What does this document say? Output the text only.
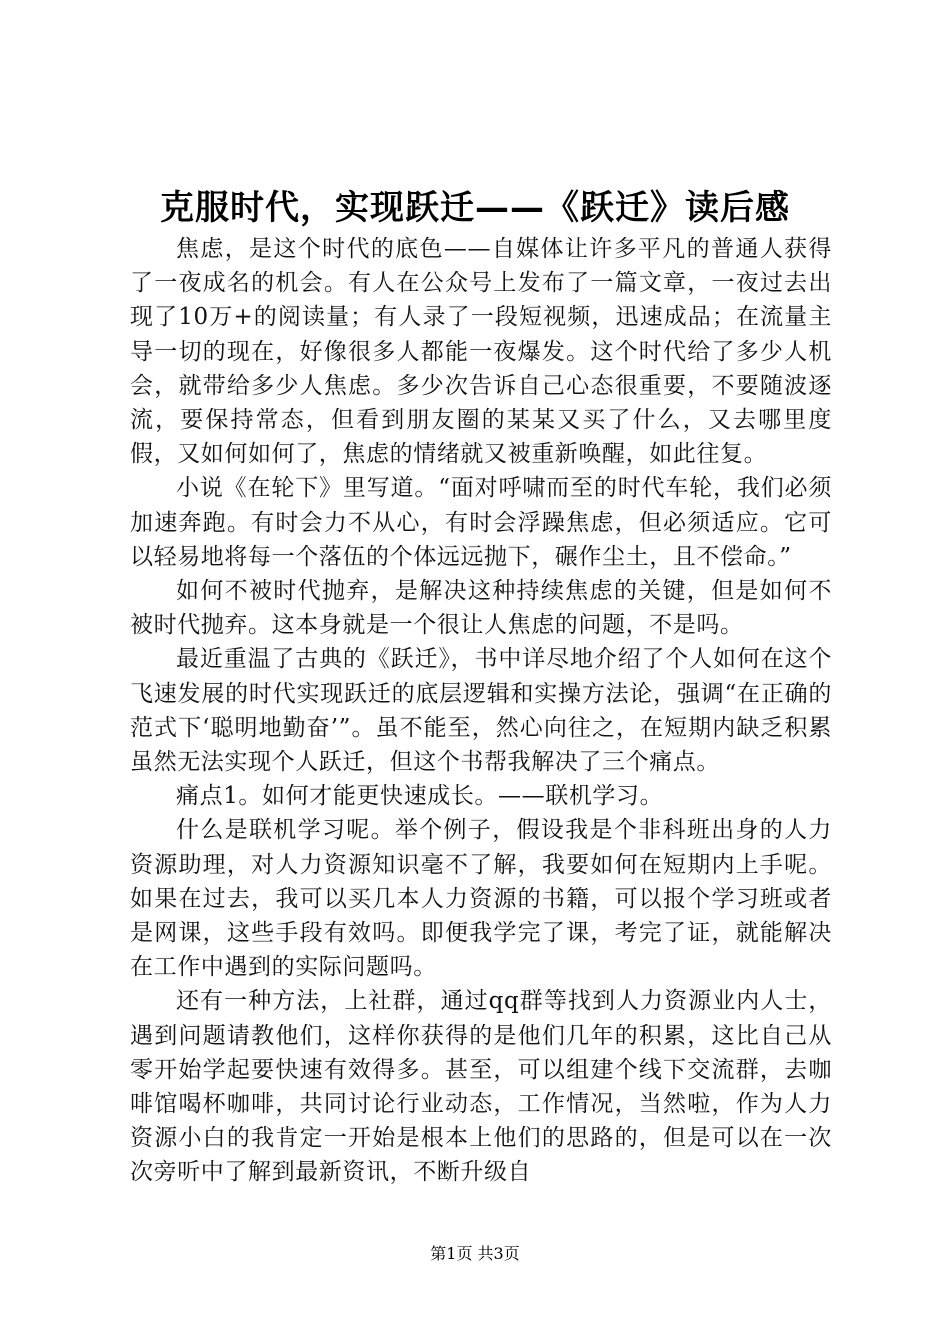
克服时代，实现跃迁——《跃迁》读后感

焦虑，是这个时代的底色——自媒体让许多平凡的普通人获得了一夜成名的机会。有人在公众号上发布了一篇文章，一夜过去出现了10万+的阅读量；有人录了一段短视频，迅速成品；在流量主导一切的现在，好像很多人都能一夜爆发。这个时代给了多少人机会，就带给多少人焦虑。多少次告诉自己心态很重要，不要随波逐流，要保持常态，但看到朋友圈的某某又买了什么，又去哪里度假，又如何如何了，焦虑的情绪就又被重新唤醒，如此往复。

小说《在轮下》里写道。“面对呼啸而至的时代车轮，我们必须加速奔跑。有时会力不从心，有时会浮躁焦虑，但必须适应。它可以轻易地将每一个落伍的个体远远抛下，碾作尘土，且不偿命。”

如何不被时代抛弃，是解决这种持续焦虑的关键，但是如何不被时代抛弃。这本身就是一个很让人焦虑的问题，不是吗。

最近重温了古典的《跃迁》，书中详尽地介绍了个人如何在这个飞速发展的时代实现跃迁的底层逻辑和实操方法论，强调“在正确的范式下‘聪明地勤奋’”。虽不能至，然心向往之，在短期内缺乏积累虽然无法实现个人跃迁，但这个书帮我解决了三个痛点。

痛点1。如何才能更快速成长。——联机学习。

什么是联机学习呢。举个例子，假设我是个非科班出身的人力资源助理，对人力资源知识毫不了解，我要如何在短期内上手呢。如果在过去，我可以买几本人力资源的书籍，可以报个学习班或者是网课，这些手段有效吗。即便我学完了课，考完了证，就能解决在工作中遇到的实际问题吗。

还有一种方法，上社群，通过qq群等找到人力资源业内人士，遇到问题请教他们，这样你获得的是他们几年的积累，这比自己从零开始学起要快速有效得多。甚至，可以组建个线下交流群，去咖啡馆喝杯咖啡，共同讨论行业动态，工作情况，当然啦，作为人力资源小白的我肯定一开始是根本上他们的思路的，但是可以在一次次旁听中了解到最新资讯，不断升级自

第1页 共3页
